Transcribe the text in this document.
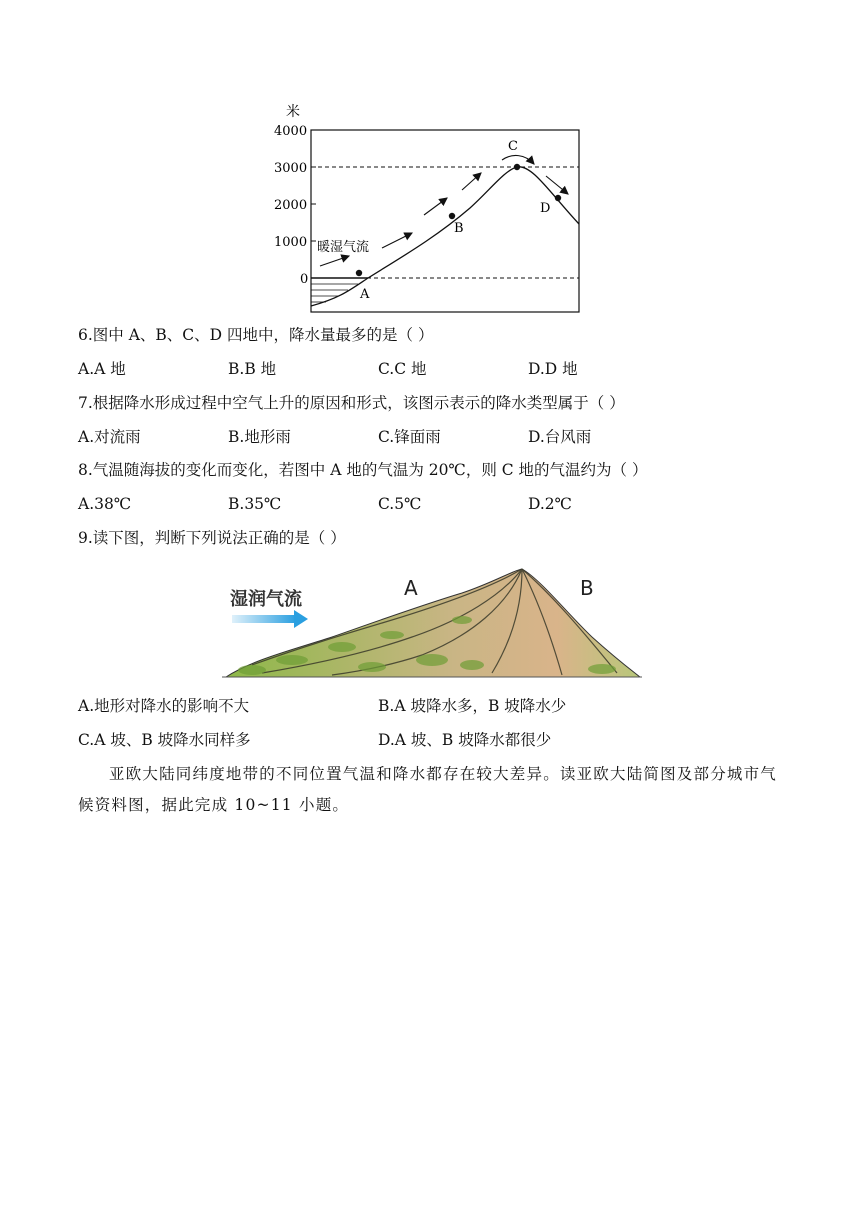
米
4000
3000
2000
1000
0
A
B
C
D
暖湿气流
6.图中 A、B、C、D 四地中，降水量最多的是（ ）
A.A 地	B.B 地	C.C 地	D.D 地
7.根据降水形成过程中空气上升的原因和形式，该图示表示的降水类型属于（ ）
A.对流雨	B.地形雨	C.锋面雨	D.台风雨
8.气温随海拔的变化而变化，若图中 A 地的气温为 20℃，则 C 地的气温约为（ ）
A.38℃	B.35℃	C.5℃	D.2℃
9.读下图，判断下列说法正确的是（ ）
湿润气流	A	B
A.地形对降水的影响不大	B.A 坡降水多，B 坡降水少
C.A 坡、B 坡降水同样多	D.A 坡、B 坡降水都很少
亚欧大陆同纬度地带的不同位置气温和降水都存在较大差异。读亚欧大陆简图及部分城市气候资料图，据此完成 10~11 小题。
